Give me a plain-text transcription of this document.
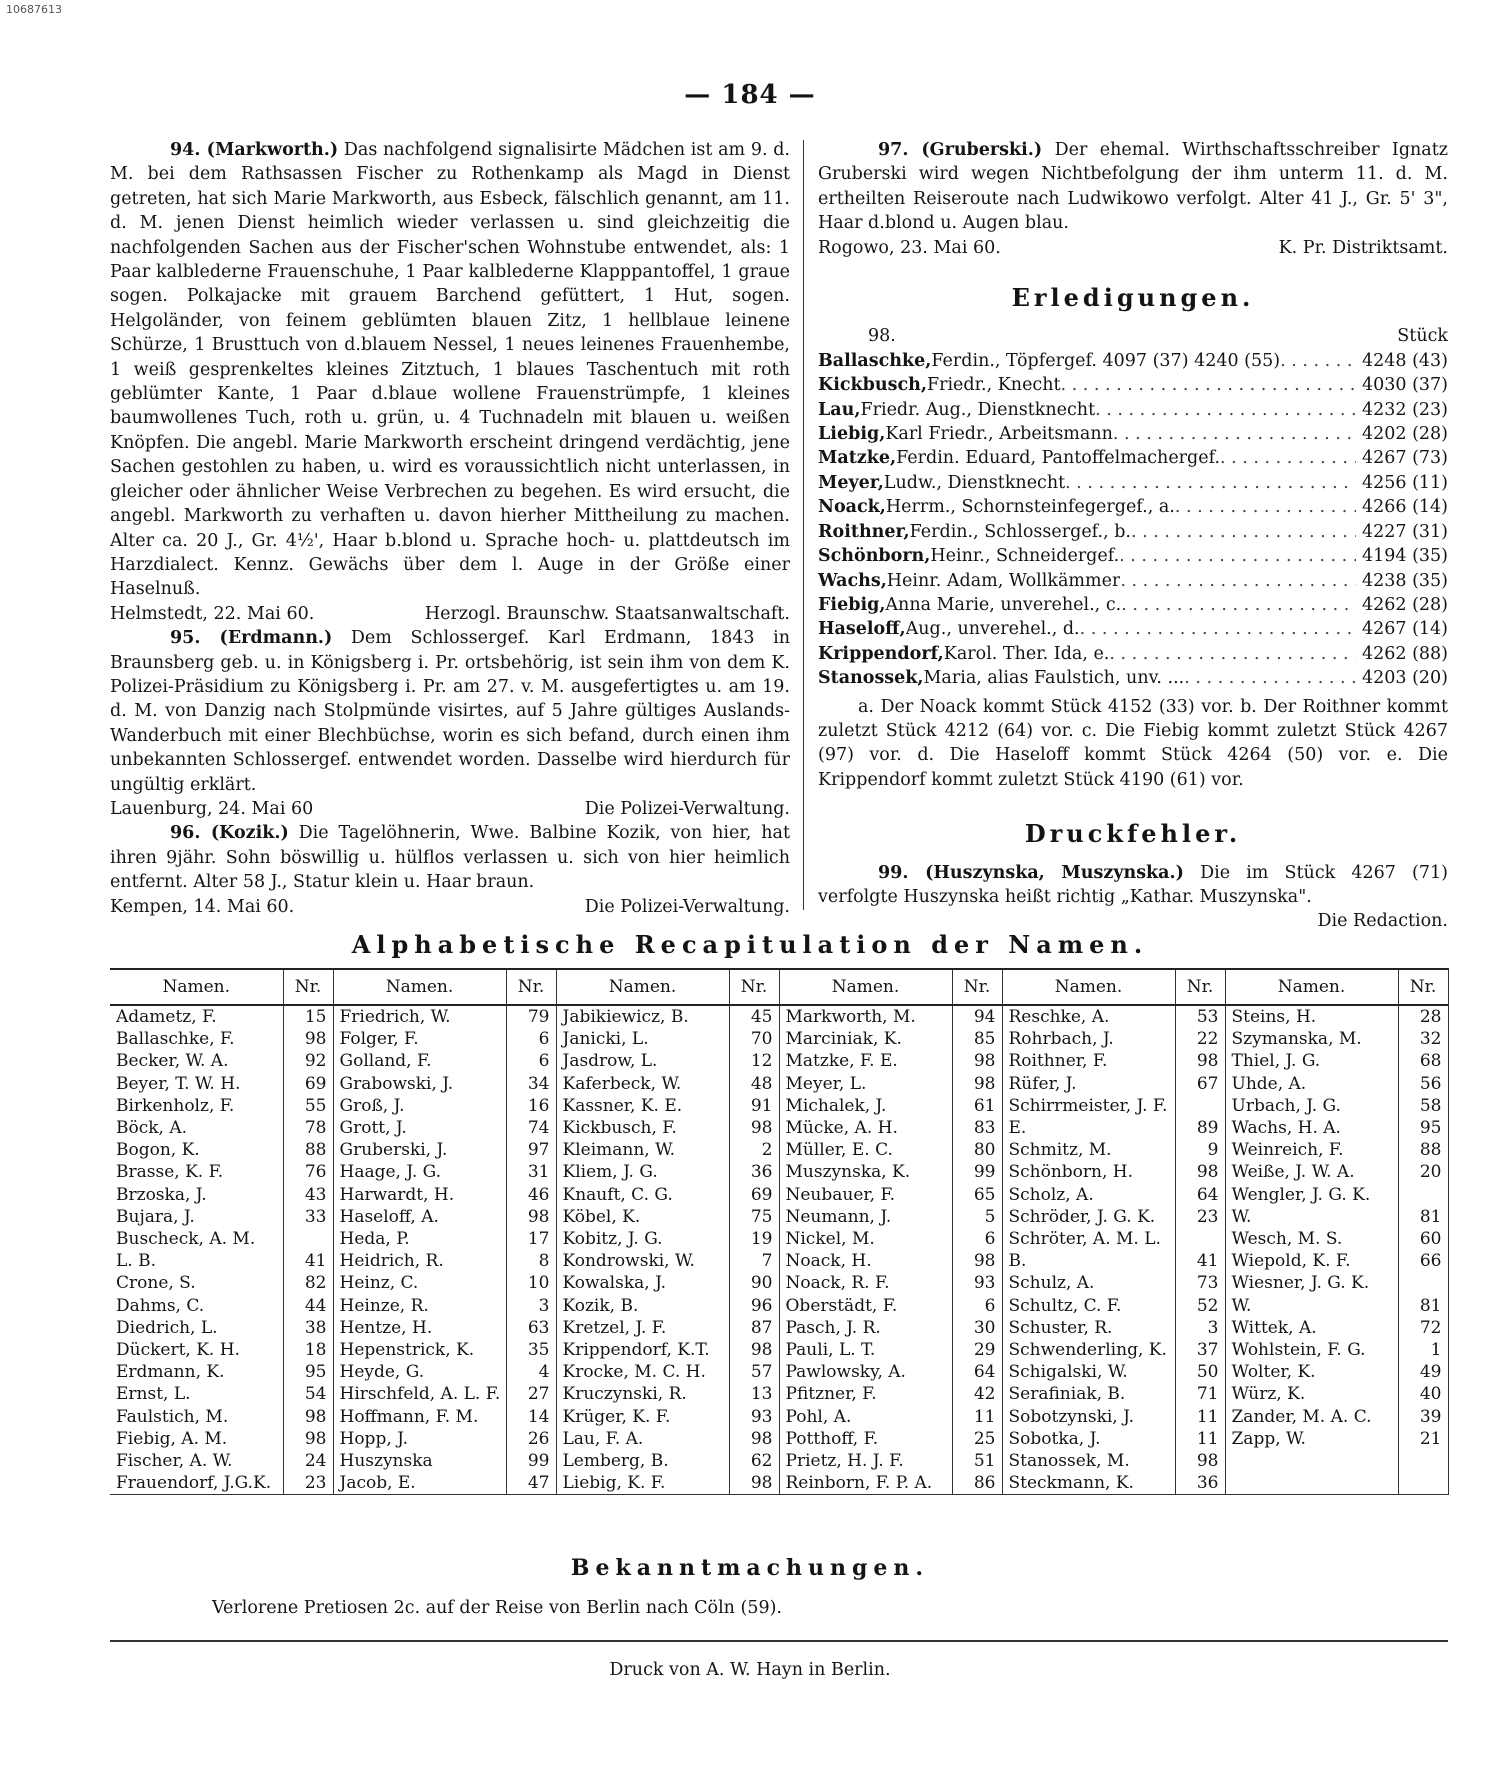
10687613
— 184 —

94. (Markworth.) Das nachfolgend signalisirte Mädchen ist am 9. d. M. bei dem Rathsassen Fischer zu Rothenkamp als Magd in Dienst getreten, hat sich Marie Markworth, aus Esbeck, fälschlich genannt, am 11. d. M. jenen Dienst heimlich wieder verlassen u. sind gleichzeitig die nachfolgenden Sachen aus der Fischer'schen Wohnstube entwendet, als: 1 Paar kalblederne Frauenschuhe, 1 Paar kalblederne Klapppantoffel, 1 graue sogen. Polkajacke mit grauem Barchend gefüttert, 1 Hut, sogen. Helgoländer, von feinem geblümten blauen Zitz, 1 hellblaue leinene Schürze, 1 Brusttuch von d.blauem Nessel, 1 neues leinenes Frauenhembe, 1 weiß gesprenkeltes kleines Zitztuch, 1 blaues Taschentuch mit roth geblümter Kante, 1 Paar d.blaue wollene Frauenstrümpfe, 1 kleines baumwollenes Tuch, roth u. grün, u. 4 Tuchnadeln mit blauen u. weißen Knöpfen. Die angebl. Marie Markworth erscheint dringend verdächtig, jene Sachen gestohlen zu haben, u. wird es voraussichtlich nicht unterlassen, in gleicher oder ähnlicher Weise Verbrechen zu begehen. Es wird ersucht, die angebl. Markworth zu verhaften u. davon hierher Mittheilung zu machen. Alter ca. 20 J., Gr. 4½', Haar b.blond u. Sprache hoch- u. plattdeutsch im Harzdialect. Kennz. Gewächs über dem l. Auge in der Größe einer Haselnuß.

Helmstedt, 22. Mai 60.	Herzogl. Braunschw. Staatsanwaltschaft.

95. (Erdmann.) Dem Schlossergef. Karl Erdmann, 1843 in Braunsberg geb. u. in Königsberg i. Pr. ortsbehörig, ist sein ihm von dem K. Polizei-Präsidium zu Königsberg i. Pr. am 27. v. M. ausgefertigtes u. am 19. d. M. von Danzig nach Stolpmünde visirtes, auf 5 Jahre gültiges Auslands-Wanderbuch mit einer Blechbüchse, worin es sich befand, durch einen ihm unbekannten Schlossergef. entwendet worden. Dasselbe wird hierdurch für ungültig erklärt.

Lauenburg, 24. Mai 60	Die Polizei-Verwaltung.

96. (Kozik.) Die Tagelöhnerin, Wwe. Balbine Kozik, von hier, hat ihren 9jähr. Sohn böswillig u. hülflos verlassen u. sich von hier heimlich entfernt. Alter 58 J., Statur klein u. Haar braun.

Kempen, 14. Mai 60.	Die Polizei-Verwaltung.

97. (Gruberski.) Der ehemal. Wirthschaftsschreiber Ignatz Gruberski wird wegen Nichtbefolgung der ihm unterm 11. d. M. ertheilten Reiseroute nach Ludwikowo verfolgt. Alter 41 J., Gr. 5' 3", Haar d.blond u. Augen blau.

Rogowo, 23. Mai 60.	K. Pr. Distriktsamt.

Erledigungen.
98.	Stück
Ballaschke, Ferdin., Töpfergef. 4097 (37) 4240 (55) . . .	4248 (43)
Kickbusch, Friedr., Knecht . . .	4030 (37)
Lau, Friedr. Aug., Dienstknecht . . .	4232 (23)
Liebig, Karl Friedr., Arbeitsmann . . .	4202 (28)
Matzke, Ferdin. Eduard, Pantoffelmachergef. . . .	4267 (73)
Meyer, Ludw., Dienstknecht . . .	4256 (11)
Noack, Herrm., Schornsteinfegergef., a. . . .	4266 (14)
Roithner, Ferdin., Schlossergef., b. . . .	4227 (31)
Schönborn, Heinr., Schneidergef. . . .	4194 (35)
Wachs, Heinr. Adam, Wollkämmer . . .	4238 (35)
Fiebig, Anna Marie, unverehel., c. . . .	4262 (28)
Haseloff, Aug., unverehel., d. . . .	4267 (14)
Krippendorf, Karol. Ther. Ida, e. . . .	4262 (88)
Stanossek, Maria, alias Faulstich, unv. ... . . .	4203 (20)

a. Der Noack kommt Stück 4152 (33) vor. b. Der Roithner kommt zuletzt Stück 4212 (64) vor. c. Die Fiebig kommt zuletzt Stück 4267 (97) vor. d. Die Haseloff kommt Stück 4264 (50) vor. e. Die Krippendorf kommt zuletzt Stück 4190 (61) vor.

Druckfehler.

99. (Huszynska, Muszynska.) Die im Stück 4267 (71) verfolgte Huszynska heißt richtig „Kathar. Muszynska".

Die Redaction.

Alphabetische Recapitulation der Namen.
Namen.	Nr.	Namen.	Nr.	Namen.	Nr.	Namen.	Nr.	Namen.	Nr.	Namen.	Nr.
Adametz, F.	15	Friedrich, W.	79	Jabikiewicz, B.	45	Markworth, M.	94	Reschke, A.	53	Steins, H.	28
Ballaschke, F.	98	Folger, F.	6	Janicki, L.	70	Marciniak, K.	85	Rohrbach, J.	22	Szymanska, M.	32
Becker, W. A.	92	Golland, F.	6	Jasdrow, L.	12	Matzke, F. E.	98	Roithner, F.	98	Thiel, J. G.	68
Beyer, T. W. H.	69	Grabowski, J.	34	Kaferbeck, W.	48	Meyer, L.	98	Rüfer, J.	67	Uhde, A.	56
Birkenholz, F.	55	Groß, J.	16	Kassner, K. E.	91	Michalek, J.	61	Schirrmeister, J. F.		Urbach, J. G.	58
Böck, A.	78	Grott, J.	74	Kickbusch, F.	98	Mücke, A. H.	83	E.	89	Wachs, H. A.	95
Bogon, K.	88	Gruberski, J.	97	Kleimann, W.	2	Müller, E. C.	80	Schmitz, M.	9	Weinreich, F.	88
Brasse, K. F.	76	Haage, J. G.	31	Kliem, J. G.	36	Muszynska, K.	99	Schönborn, H.	98	Weiße, J. W. A.	20
Brzoska, J.	43	Harwardt, H.	46	Knauft, C. G.	69	Neubauer, F.	65	Scholz, A.	64	Wengler, J. G. K.	
Bujara, J.	33	Haseloff, A.	98	Köbel, K.	75	Neumann, J.	5	Schröder, J. G. K.	23	W.	81
Buscheck, A. M.		Heda, P.	17	Kobitz, J. G.	19	Nickel, M.	6	Schröter, A. M. L.		Wesch, M. S.	60
L. B.	41	Heidrich, R.	8	Kondrowski, W.	7	Noack, H.	98	B.	41	Wiepold, K. F.	66
Crone, S.	82	Heinz, C.	10	Kowalska, J.	90	Noack, R. F.	93	Schulz, A.	73	Wiesner, J. G. K.	
Dahms, C.	44	Heinze, R.	3	Kozik, B.	96	Oberstädt, F.	6	Schultz, C. F.	52	W.	81
Diedrich, L.	38	Hentze, H.	63	Kretzel, J. F.	87	Pasch, J. R.	30	Schuster, R.	3	Wittek, A.	72
Dückert, K. H.	18	Hepenstrick, K.	35	Krippendorf, K.T.	98	Pauli, L. T.	29	Schwenderling, K.	37	Wohlstein, F. G.	1
Erdmann, K.	95	Heyde, G.	4	Krocke, M. C. H.	57	Pawlowsky, A.	64	Schigalski, W.	50	Wolter, K.	49
Ernst, L.	54	Hirschfeld, A. L. F.	27	Kruczynski, R.	13	Pfitzner, F.	42	Serafiniak, B.	71	Würz, K.	40
Faulstich, M.	98	Hoffmann, F. M.	14	Krüger, K. F.	93	Pohl, A.	11	Sobotzynski, J.	11	Zander, M. A. C.	39
Fiebig, A. M.	98	Hopp, J.	26	Lau, F. A.	98	Potthoff, F.	25	Sobotka, J.	11	Zapp, W.	21
Fischer, A. W.	24	Huszynska	99	Lemberg, B.	62	Prietz, H. J. F.	51	Stanossek, M.	98		
Frauendorf, J.G.K.	23	Jacob, E.	47	Liebig, K. F.	98	Reinborn, F. P. A.	86	Steckmann, K.	36		
Bekanntmachungen.
Verlorene Pretiosen 2c. auf der Reise von Berlin nach Cöln (59).
Druck von A. W. Hayn in Berlin.
